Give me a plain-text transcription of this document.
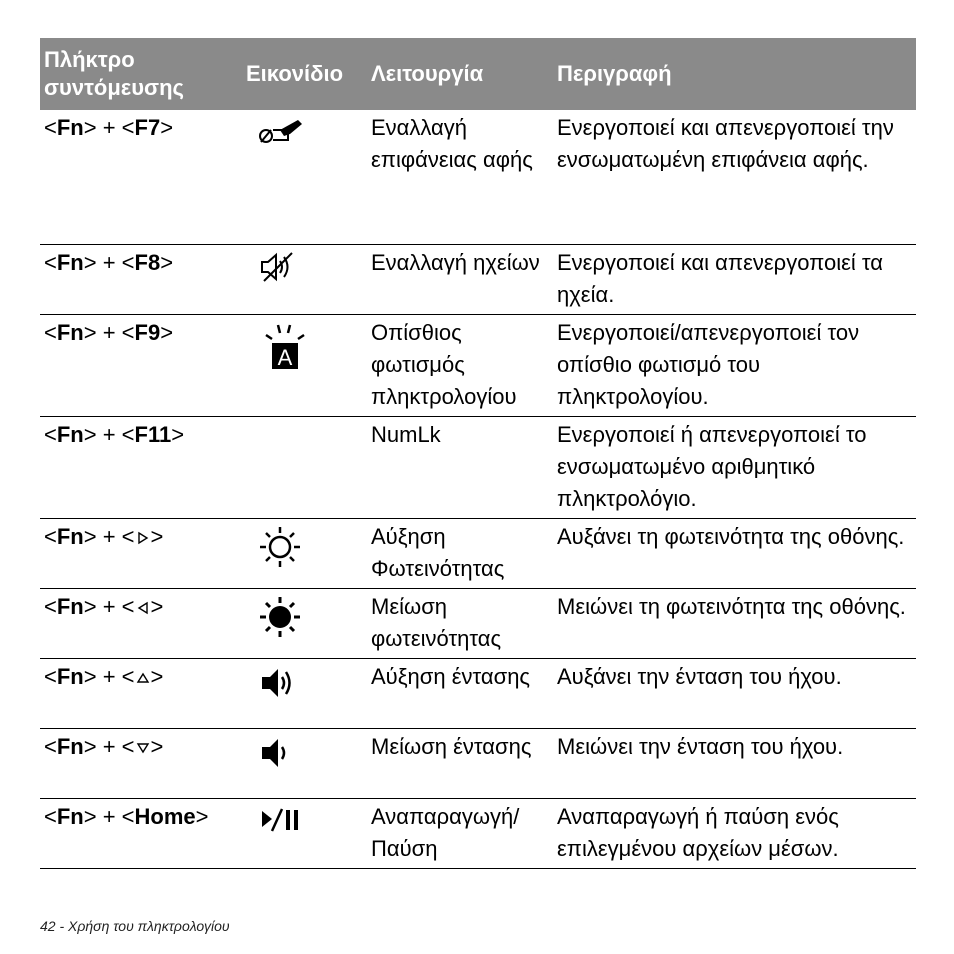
Πλήκτρο συντόμευσης	Εικονίδιο	Λειτουργία	Περιγραφή
<Fn> + <F7>		Εναλλαγή επιφάνειας αφής	Ενεργοποιεί και απενεργοποιεί την ενσωματωμένη επιφάνεια αφής.
<Fn> + <F8>		Εναλλαγή ηχείων	Ενεργοποιεί και απενεργοποιεί τα ηχεία.
<Fn> + <F9>	A	Οπίσθιος φωτισμός πληκτρολογίου	Ενεργοποιεί/απενεργοποιεί τον οπίσθιο φωτισμό του πληκτρολογίου.
<Fn> + <F11>		NumLk	Ενεργοποιεί ή απενεργοποιεί το ενσωματωμένο αριθμητικό πληκτρολόγιο.
<Fn> + < >		Αύξηση Φωτεινότητας	Αυξάνει τη φωτεινότητα της οθόνης.
<Fn> + < >		Μείωση φωτεινότητας	Μειώνει τη φωτεινότητα της οθόνης.
<Fn> + < >		Αύξηση έντασης	Αυξάνει την ένταση του ήχου.
<Fn> + < >		Μείωση έντασης	Μειώνει την ένταση του ήχου.
<Fn> + <Home>		Αναπαραγωγή/ Παύση	Αναπαραγωγή ή παύση ενός επιλεγμένου αρχείων μέσων.
42 - Χρήση του πληκτρολογίου
